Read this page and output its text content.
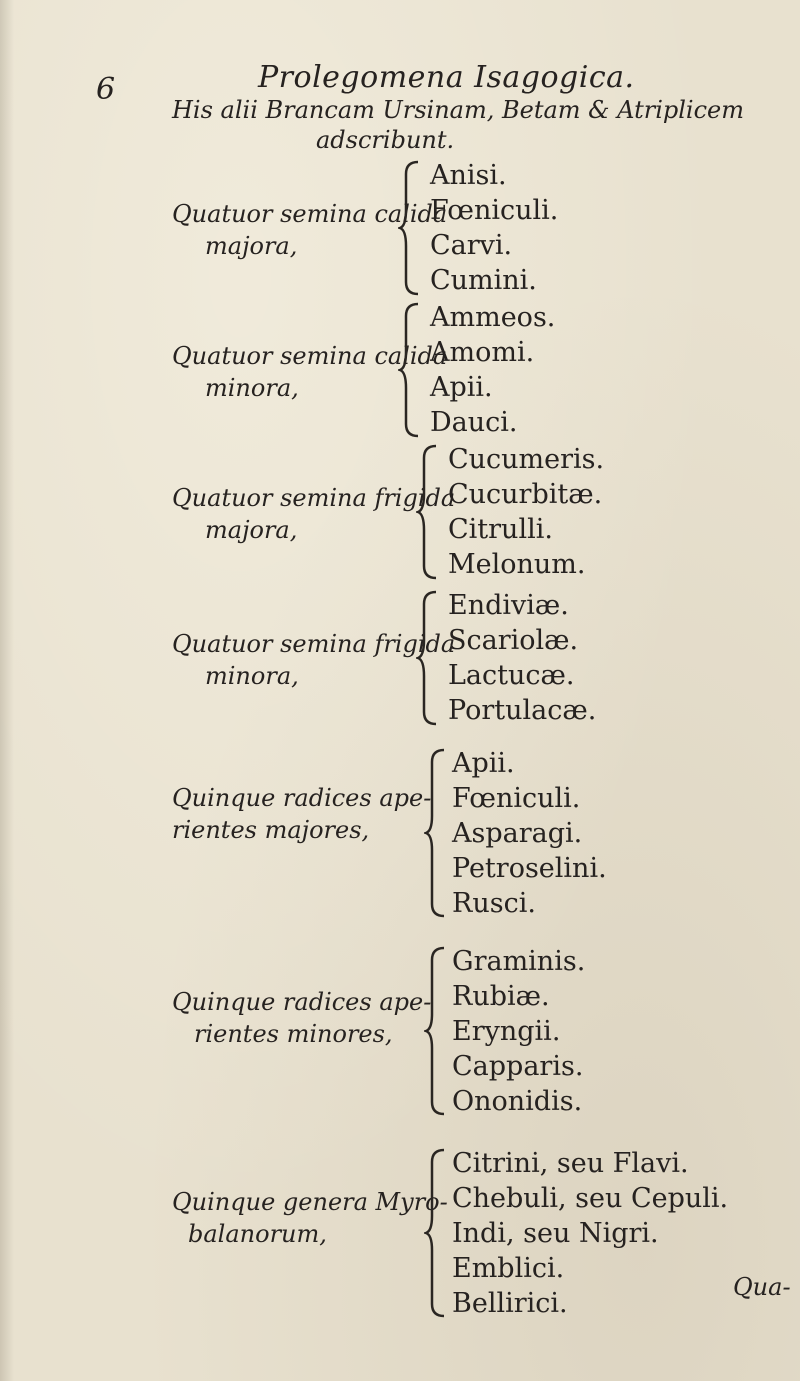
6	Prolegomena Isagogica.
His alii Brancam Ursinam, Betam & Atriplicem
adscribunt.
Quatuor semina calida
majora,
Anisi.
Fœniculi.
Carvi.
Cumini.
Quatuor semina calida
minora,
Ammeos.
Amomi.
Apii.
Dauci.
Quatuor semina frigida
majora,
Cucumeris.
Cucurbitæ.
Citrulli.
Melonum.
Quatuor semina frigida
minora,
Endiviæ.
Scariolæ.
Lactucæ.
Portulacæ.
Quinque radices ape-
rientes majores,
Apii.
Fœniculi.
Asparagi.
Petroselini.
Rusci.
Quinque radices ape-
rientes minores,
Graminis.
Rubiæ.
Eryngii.
Capparis.
Ononidis.
Quinque genera Myro-
balanorum,
Citrini, seu Flavi.
Chebuli, seu Cepuli.
Indi, seu Nigri.
Emblici.
Bellirici.
Qua-
